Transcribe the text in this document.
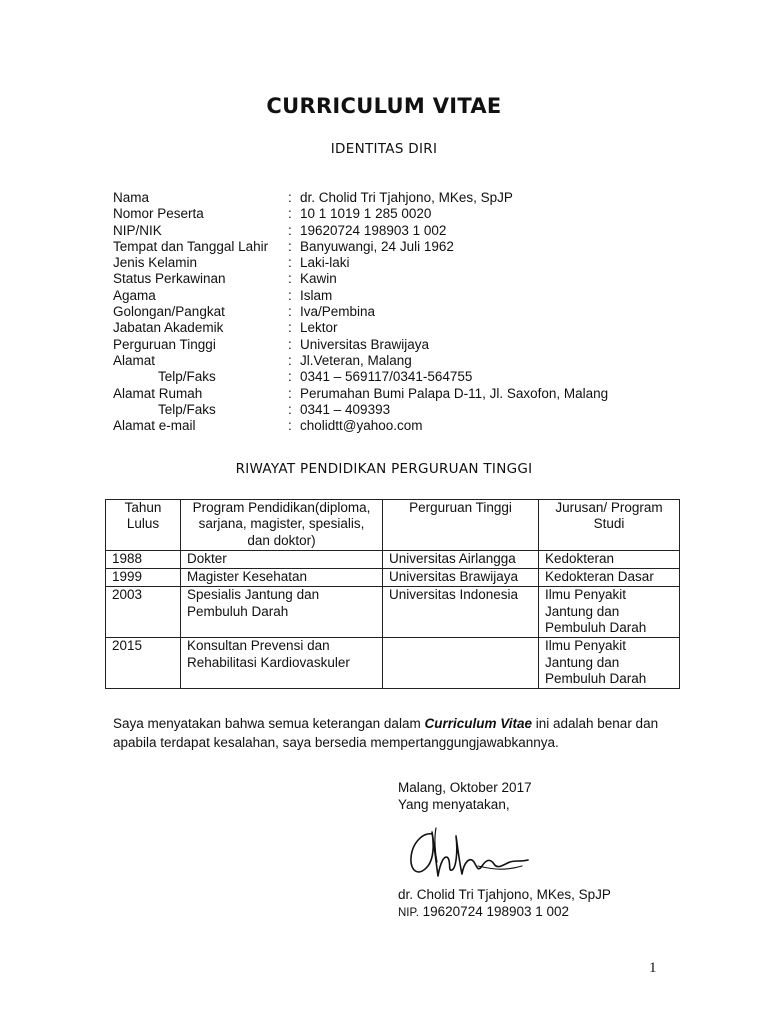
CURRICULUM VITAE
IDENTITAS DIRI
Nama	: dr. Cholid Tri Tjahjono, MKes, SpJP
Nomor Peserta	: 10 1 1019 1 285 0020
NIP/NIK	: 19620724 198903 1 002
Tempat dan Tanggal Lahir	: Banyuwangi, 24 Juli 1962
Jenis Kelamin	: Laki-laki
Status Perkawinan	: Kawin
Agama	: Islam
Golongan/Pangkat	: Iva/Pembina
Jabatan Akademik	: Lektor
Perguruan Tinggi	: Universitas Brawijaya
Alamat	: Jl.Veteran, Malang
Telp/Faks	: 0341 – 569117/0341-564755
Alamat Rumah	: Perumahan Bumi Palapa D-11, Jl. Saxofon, Malang
Telp/Faks	: 0341 – 409393
Alamat e-mail	: cholidtt@yahoo.com
RIWAYAT PENDIDIKAN PERGURUAN TINGGI
Tahun Lulus	Program Pendidikan(diploma, sarjana, magister, spesialis, dan doktor)	Perguruan Tinggi	Jurusan/ Program Studi
1988	Dokter	Universitas Airlangga	Kedokteran
1999	Magister Kesehatan	Universitas Brawijaya	Kedokteran Dasar
2003	Spesialis Jantung dan Pembuluh Darah	Universitas Indonesia	Ilmu Penyakit Jantung dan Pembuluh Darah
2015	Konsultan Prevensi dan Rehabilitasi Kardiovaskuler		Ilmu Penyakit Jantung dan Pembuluh Darah
Saya menyatakan bahwa semua keterangan dalam Curriculum Vitae ini adalah benar dan apabila terdapat kesalahan, saya bersedia mempertanggungjawabkannya.
Malang, Oktober 2017
Yang menyatakan,
dr. Cholid Tri Tjahjono, MKes, SpJP
NIP. 19620724 198903 1 002
1
